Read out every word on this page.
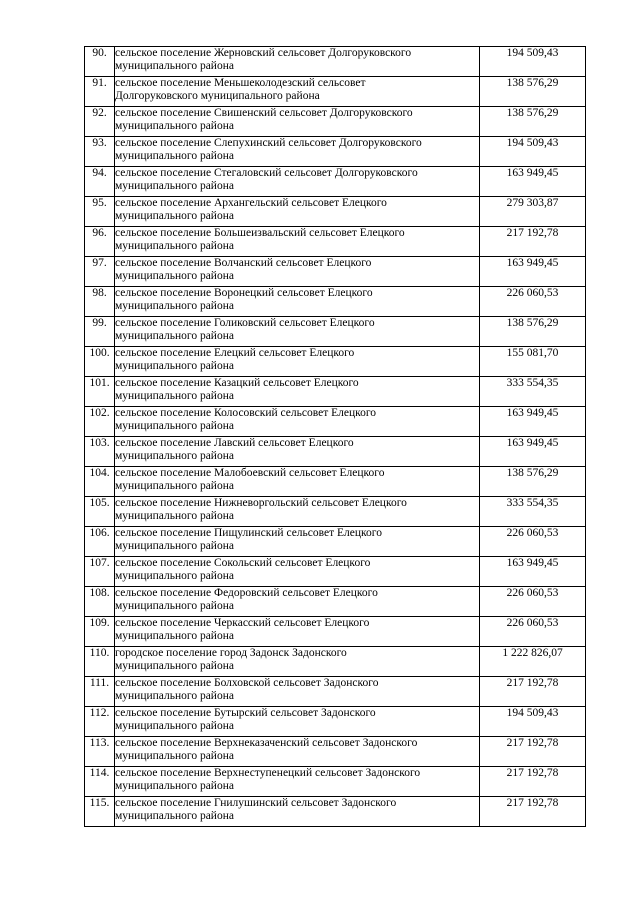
90.	сельское поселение Жерновский сельсовет Долгоруковского
муниципального района	194 509,43
91.	сельское поселение Меньшеколодезский сельсовет
Долгоруковского муниципального района	138 576,29
92.	сельское поселение Свишенский сельсовет Долгоруковского
муниципального района	138 576,29
93.	сельское поселение Слепухинский сельсовет Долгоруковского
муниципального района	194 509,43
94.	сельское поселение Стегаловский сельсовет Долгоруковского
муниципального района	163 949,45
95.	сельское поселение Архангельский сельсовет Елецкого
муниципального района	279 303,87
96.	сельское поселение Большеизвальский сельсовет Елецкого
муниципального района	217 192,78
97.	сельское поселение Волчанский сельсовет Елецкого
муниципального района	163 949,45
98.	сельское поселение Воронецкий сельсовет Елецкого
муниципального района	226 060,53
99.	сельское поселение Голиковский сельсовет Елецкого
муниципального района	138 576,29
100.	сельское поселение Елецкий сельсовет Елецкого
муниципального района	155 081,70
101.	сельское поселение Казацкий сельсовет Елецкого
муниципального района	333 554,35
102.	сельское поселение Колосовский сельсовет Елецкого
муниципального района	163 949,45
103.	сельское поселение Лавский сельсовет Елецкого
муниципального района	163 949,45
104.	сельское поселение Малобоевский сельсовет Елецкого
муниципального района	138 576,29
105.	сельское поселение Нижневоргольский сельсовет Елецкого
муниципального района	333 554,35
106.	сельское поселение Пищулинский сельсовет Елецкого
муниципального района	226 060,53
107.	сельское поселение Сокольский сельсовет Елецкого
муниципального района	163 949,45
108.	сельское поселение Федоровский сельсовет Елецкого
муниципального района	226 060,53
109.	сельское поселение Черкасский сельсовет Елецкого
муниципального района	226 060,53
110.	городское поселение город Задонск Задонского
муниципального района	1 222 826,07
111.	сельское поселение Болховской сельсовет Задонского
муниципального района	217 192,78
112.	сельское поселение Бутырский сельсовет Задонского
муниципального района	194 509,43
113.	сельское поселение Верхнеказаченский сельсовет Задонского
муниципального района	217 192,78
114.	сельское поселение Верхнеступенецкий сельсовет Задонского
муниципального района	217 192,78
115.	сельское поселение Гнилушинский сельсовет Задонского
муниципального района	217 192,78
